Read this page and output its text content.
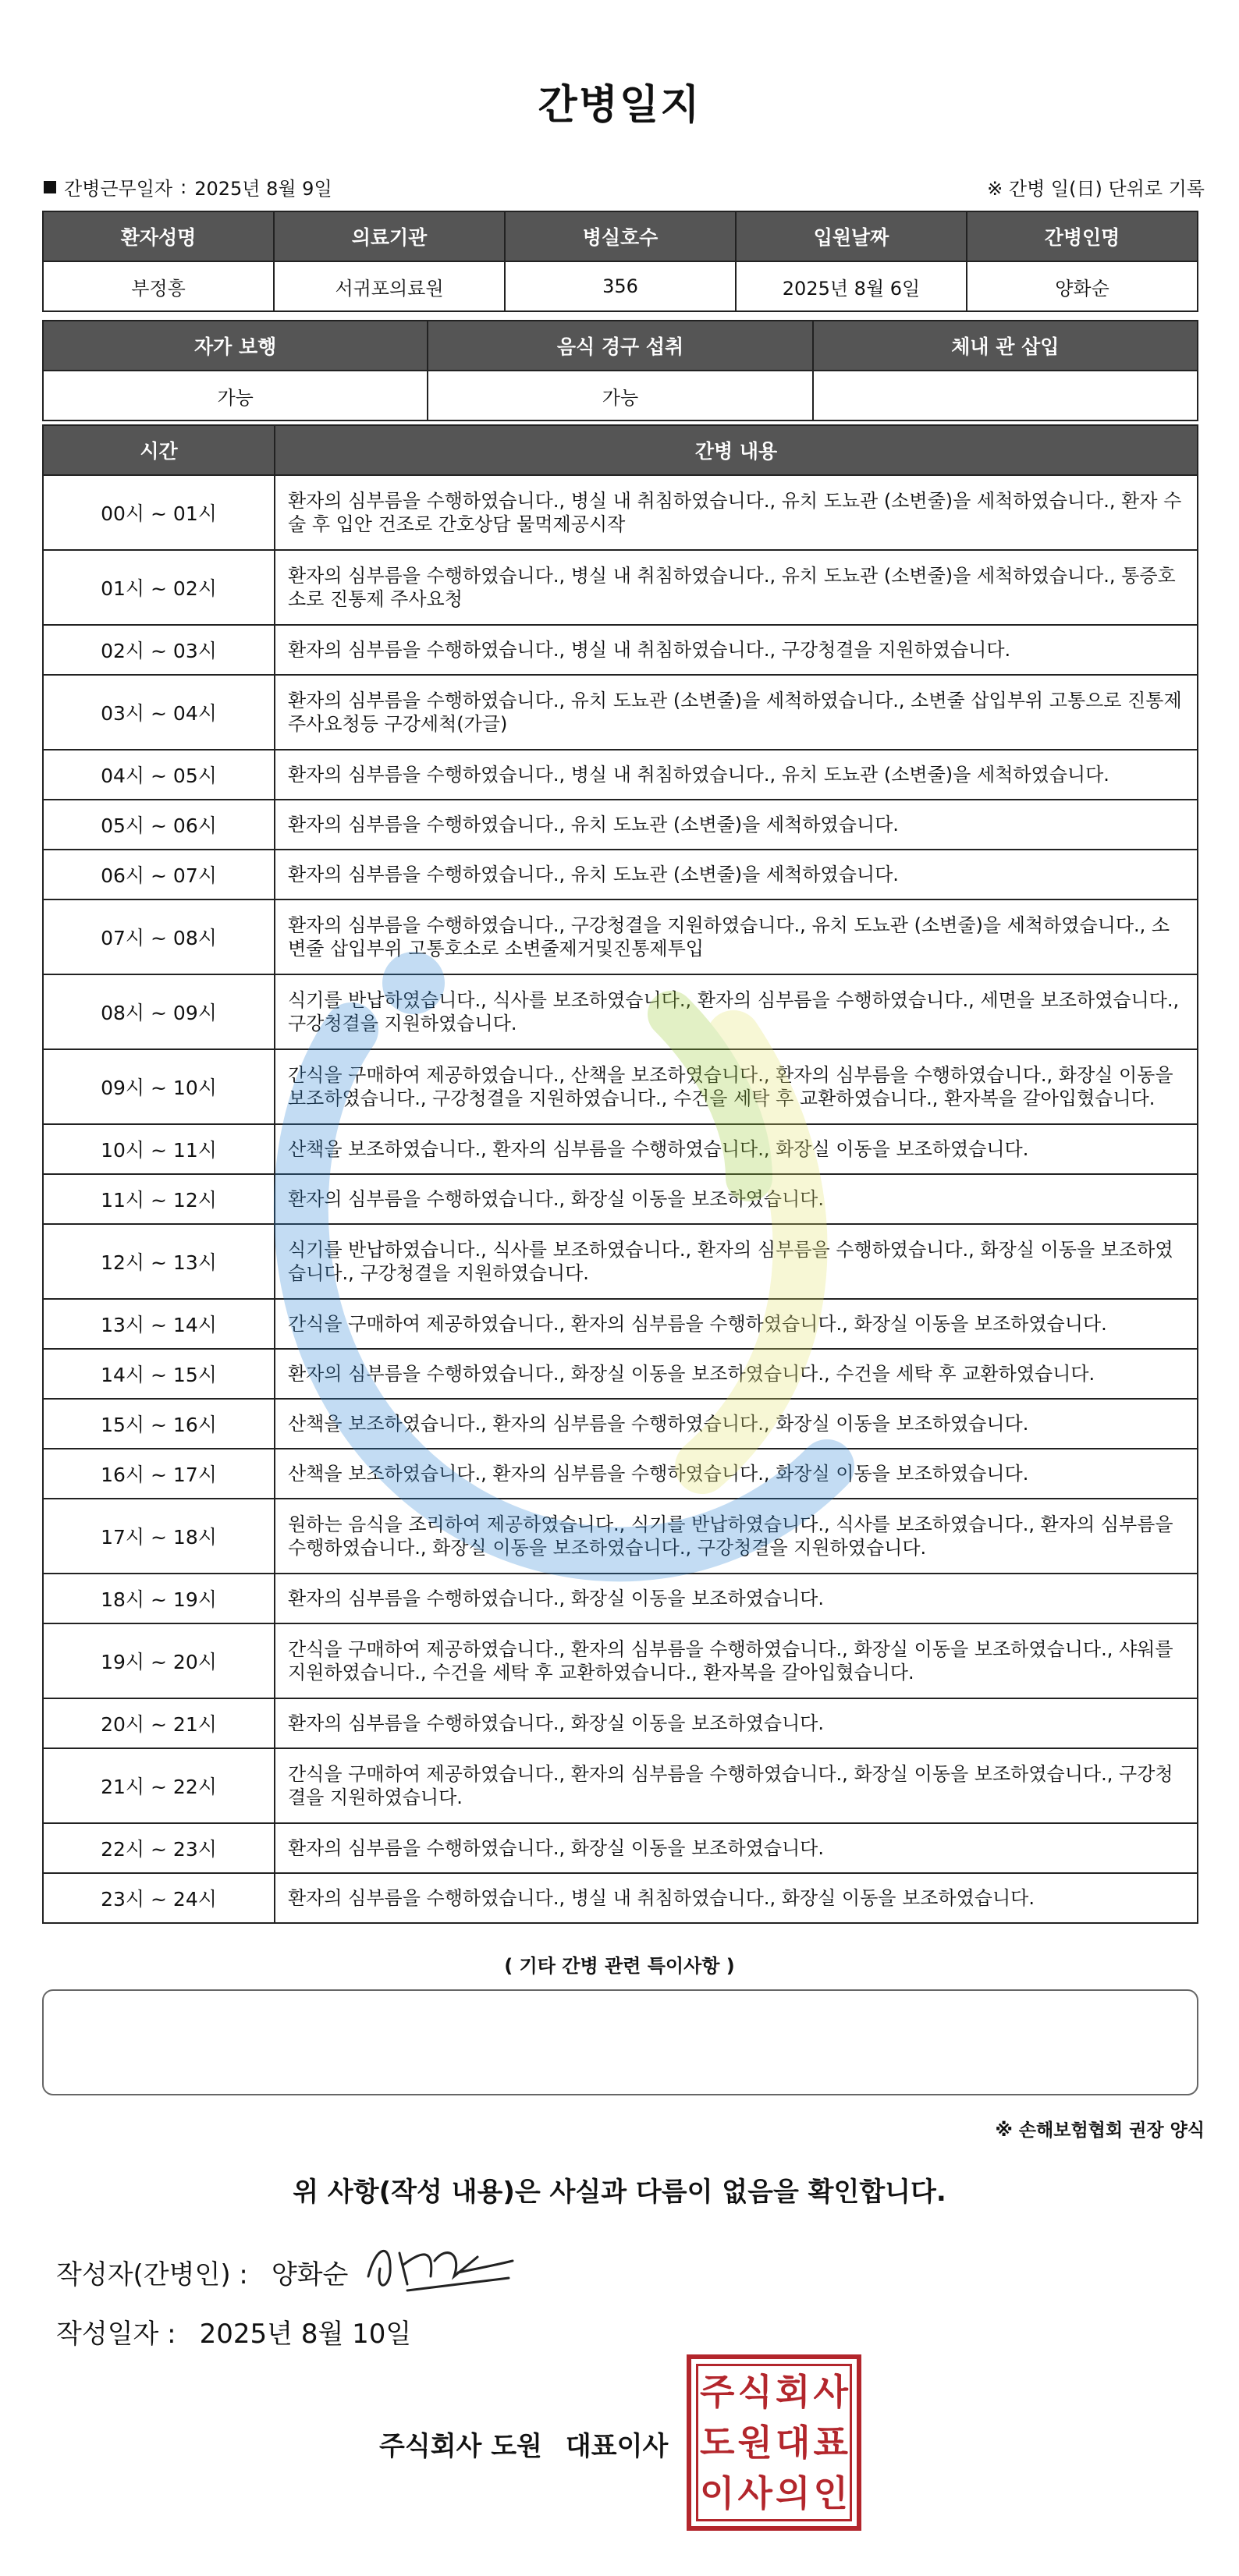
간병일지
간병근무일자 : 2025년 8월 9일	※ 간병 일(日) 단위로 기록
환자성명	의료기관	병실호수	입원날짜	간병인명
부정흥	서귀포의료원	356	2025년 8월 6일	양화순
자가 보행	음식 경구 섭취	체내 관 삽입
가능	가능	
시간	간병 내용
00시 ~ 01시	환자의 심부름을 수행하였습니다., 병실 내 취침하였습니다., 유치 도뇨관 (소변줄)을 세척하였습니다., 환자 수술 후 입안 건조로 간호상담 물먹제공시작
01시 ~ 02시	환자의 심부름을 수행하였습니다., 병실 내 취침하였습니다., 유치 도뇨관 (소변줄)을 세척하였습니다., 통증호소로 진통제 주사요청
02시 ~ 03시	환자의 심부름을 수행하였습니다., 병실 내 취침하였습니다., 구강청결을 지원하였습니다.
03시 ~ 04시	환자의 심부름을 수행하였습니다., 유치 도뇨관 (소변줄)을 세척하였습니다., 소변줄 삽입부위 고통으로 진통제 주사요청등 구강세척(가글)
04시 ~ 05시	환자의 심부름을 수행하였습니다., 병실 내 취침하였습니다., 유치 도뇨관 (소변줄)을 세척하였습니다.
05시 ~ 06시	환자의 심부름을 수행하였습니다., 유치 도뇨관 (소변줄)을 세척하였습니다.
06시 ~ 07시	환자의 심부름을 수행하였습니다., 유치 도뇨관 (소변줄)을 세척하였습니다.
07시 ~ 08시	환자의 심부름을 수행하였습니다., 구강청결을 지원하였습니다., 유치 도뇨관 (소변줄)을 세척하였습니다., 소변줄 삽입부위 고통호소로 소변줄제거및진통제투입
08시 ~ 09시	식기를 반납하였습니다., 식사를 보조하였습니다., 환자의 심부름을 수행하였습니다., 세면을 보조하였습니다., 구강청결을 지원하였습니다.
09시 ~ 10시	간식을 구매하여 제공하였습니다., 산책을 보조하였습니다., 환자의 심부름을 수행하였습니다., 화장실 이동을 보조하였습니다., 구강청결을 지원하였습니다., 수건을 세탁 후 교환하였습니다., 환자복을 갈아입혔습니다.
10시 ~ 11시	산책을 보조하였습니다., 환자의 심부름을 수행하였습니다., 화장실 이동을 보조하였습니다.
11시 ~ 12시	환자의 심부름을 수행하였습니다., 화장실 이동을 보조하였습니다.
12시 ~ 13시	식기를 반납하였습니다., 식사를 보조하였습니다., 환자의 심부름을 수행하였습니다., 화장실 이동을 보조하였습니다., 구강청결을 지원하였습니다.
13시 ~ 14시	간식을 구매하여 제공하였습니다., 환자의 심부름을 수행하였습니다., 화장실 이동을 보조하였습니다.
14시 ~ 15시	환자의 심부름을 수행하였습니다., 화장실 이동을 보조하였습니다., 수건을 세탁 후 교환하였습니다.
15시 ~ 16시	산책을 보조하였습니다., 환자의 심부름을 수행하였습니다., 화장실 이동을 보조하였습니다.
16시 ~ 17시	산책을 보조하였습니다., 환자의 심부름을 수행하였습니다., 화장실 이동을 보조하였습니다.
17시 ~ 18시	원하는 음식을 조리하여 제공하였습니다., 식기를 반납하였습니다., 식사를 보조하였습니다., 환자의 심부름을 수행하였습니다., 화장실 이동을 보조하였습니다., 구강청결을 지원하였습니다.
18시 ~ 19시	환자의 심부름을 수행하였습니다., 화장실 이동을 보조하였습니다.
19시 ~ 20시	간식을 구매하여 제공하였습니다., 환자의 심부름을 수행하였습니다., 화장실 이동을 보조하였습니다., 샤워를 지원하였습니다., 수건을 세탁 후 교환하였습니다., 환자복을 갈아입혔습니다.
20시 ~ 21시	환자의 심부름을 수행하였습니다., 화장실 이동을 보조하였습니다.
21시 ~ 22시	간식을 구매하여 제공하였습니다., 환자의 심부름을 수행하였습니다., 화장실 이동을 보조하였습니다., 구강청결을 지원하였습니다.
22시 ~ 23시	환자의 심부름을 수행하였습니다., 화장실 이동을 보조하였습니다.
23시 ~ 24시	환자의 심부름을 수행하였습니다., 병실 내 취침하였습니다., 화장실 이동을 보조하였습니다.
( 기타 간병 관련 특이사항 )
※ 손해보험협회 권장 양식
위 사항(작성 내용)은 사실과 다름이 없음을 확인합니다.
작성자(간병인) : 양화순
작성일자 : 2025년 8월 10일
주식회사 도원 대표이사
주 식 회 사
도 원 대 표
이 사 의 인
